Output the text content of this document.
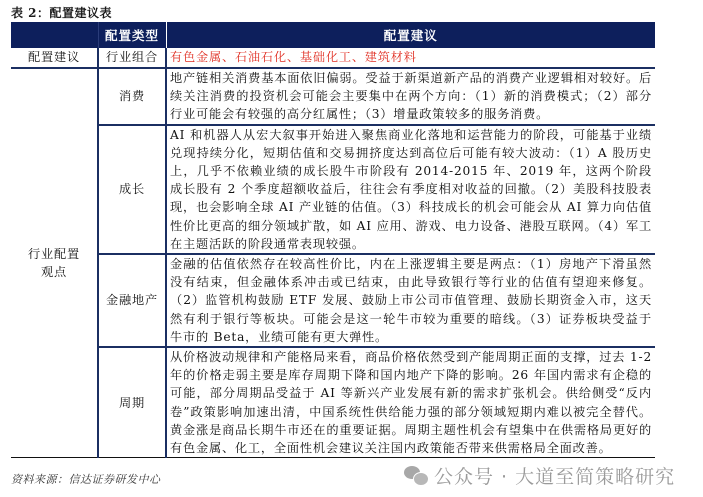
表 2：配置建议表
	配置类型	配置建议
配置建议	行业组合	有色金属、石油石化、基础化工、建筑材料
行业配置
观点	消费	地产链相关消费基本面依旧偏弱。受益于新渠道新产品的消费产业逻辑相对较好。后续关注消费的投资机会可能会主要集中在两个方向：（1）新的消费模式；（2）部分行业可能会有较强的高分红属性；（3）增量政策较多的服务消费。
	成长	AI 和机器人从宏大叙事开始进入聚焦商业化落地和运营能力的阶段，可能基于业绩兑现持续分化，短期估值和交易拥挤度达到高位后可能有较大波动：（1）A 股历史上，几乎不依赖业绩的成长股牛市阶段有 2014-2015 年、2019 年，这两个阶段成长股有 2 个季度超额收益后，往往会有季度相对收益的回撤。（2）美股科技股表现，也会影响全球 AI 产业链的估值。（3）科技成长的机会可能会从 AI 算力向估值性价比更高的细分领域扩散，如 AI 应用、游戏、电力设备、港股互联网。（4）军工在主题活跃的阶段通常表现较强。
	金融地产	金融的估值依然存在较高性价比，内在上涨逻辑主要是两点：（1）房地产下滑虽然没有结束，但金融体系冲击或已结束，由此导致银行等行业的估值有望迎来修复。（2）监管机构鼓励 ETF 发展、鼓励上市公司市值管理、鼓励长期资金入市，这天然有利于银行等板块。可能会是这一轮牛市较为重要的暗线。（3）证券板块受益于牛市的 Beta，业绩可能有更大弹性。
	周期	从价格波动规律和产能格局来看，商品价格依然受到产能周期正面的支撑，过去 1-2 年的价格走弱主要是库存周期下降和国内地产下降的影响。26 年国内需求有企稳的可能，部分周期品受益于 AI 等新兴产业发展有新的需求扩张机会。供给侧受“反内卷”政策影响加速出清，中国系统性供给能力强的部分领域短期内难以被完全替代。黄金涨是商品长期牛市还在的重要证据。周期主题性机会有望集中在供需格局更好的有色金属、化工，全面性机会建议关注国内政策能否带来供需格局全面改善。
资料来源：信达证券研发中心	公众号 · 大道至简策略研究
